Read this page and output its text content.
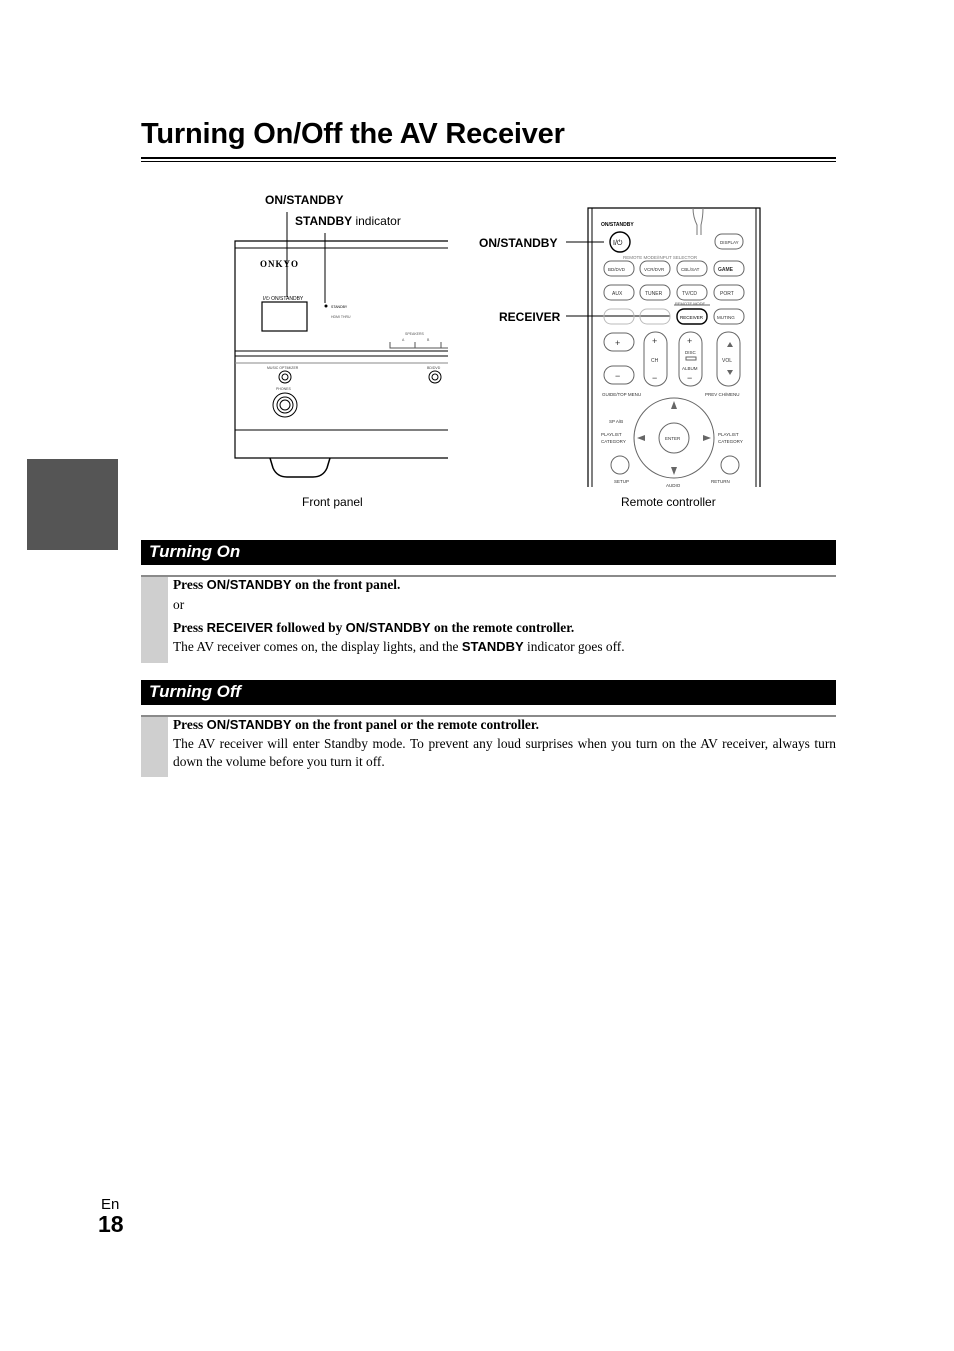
Turning On/Off the AV Receiver
ON/STANDBY
STANDBY indicator
ON/STANDBY
RECEIVER
Front panel	Remote controller
ONKYO
I/⏻ ON/STANDBY
STANDBY
HDMI THRU
SPEAKERS
A	B
MUSIC OPTIMIZER
PHONES
BD/DVD
ON/STANDBY
I/⏻	DISPLAY
REMOTE MODE/INPUT SELECTOR
BD/DVD	VCR/DVR	CBL/SAT	GAME
AUX	TUNER	TV/CD	PORT
REMOTE MODE
RECEIVER	MUTING
+
−
+
CH
−
+
DISC
ALBUM
−
VOL
GUIDE/TOP MENU	PREV CH/MENU
SP A/B
PLAYLIST
CATEGORY
PLAYLIST
CATEGORY
ENTER
SETUP
AUDIO
RETURN
Turning On

Press ON/STANDBY on the front panel.

or

Press RECEIVER followed by ON/STANDBY on the remote controller.

The AV receiver comes on, the display lights, and the STANDBY indicator goes off.

Turning Off

Press ON/STANDBY on the front panel or the remote controller.

The AV receiver will enter Standby mode. To prevent any loud surprises when you turn on the AV receiver, always turn down the volume before you turn it off.

En
18
